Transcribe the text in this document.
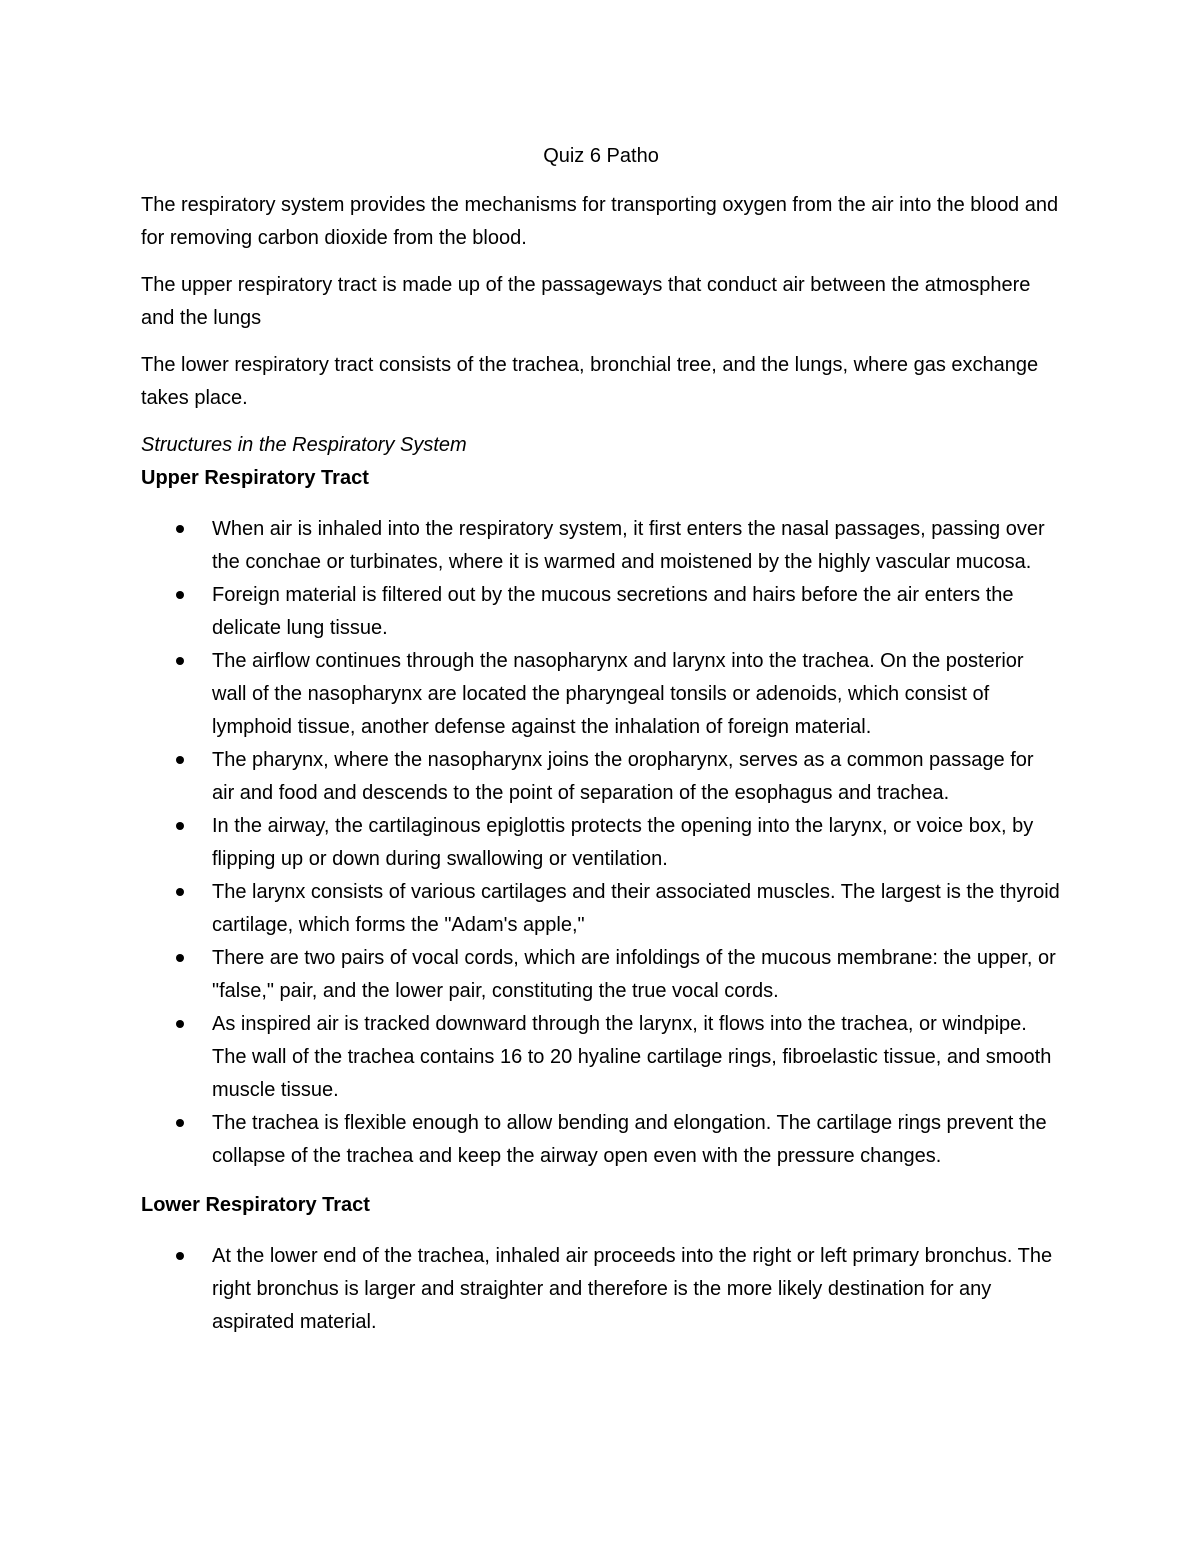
Quiz 6 Patho

The respiratory system provides the mechanisms for transporting oxygen from the air into the blood and for removing carbon dioxide from the blood.

The upper respiratory tract is made up of the passageways that conduct air between the atmosphere and the lungs

The lower respiratory tract consists of the trachea, bronchial tree, and the lungs, where gas exchange takes place.

Structures in the Respiratory System
Upper Respiratory Tract
When air is inhaled into the respiratory system, it first enters the nasal passages, passing over the conchae or turbinates, where it is warmed and moistened by the highly vascular mucosa.
Foreign material is filtered out by the mucous secretions and hairs before the air enters the delicate lung tissue.
The airflow continues through the nasopharynx and larynx into the trachea. On the posterior wall of the nasopharynx are located the pharyngeal tonsils or adenoids, which consist of lymphoid tissue, another defense against the inhalation of foreign material.
The pharynx, where the nasopharynx joins the oropharynx, serves as a common passage for air and food and descends to the point of separation of the esophagus and trachea.
In the airway, the cartilaginous epiglottis protects the opening into the larynx, or voice box, by flipping up or down during swallowing or ventilation.
The larynx consists of various cartilages and their associated muscles. The largest is the thyroid cartilage, which forms the "Adam's apple,"
There are two pairs of vocal cords, which are infoldings of the mucous membrane: the upper, or "false," pair, and the lower pair, constituting the true vocal cords.
As inspired air is tracked downward through the larynx, it flows into the trachea, or windpipe. The wall of the trachea contains 16 to 20 hyaline cartilage rings, fibroelastic tissue, and smooth muscle tissue.
The trachea is flexible enough to allow bending and elongation. The cartilage rings prevent the collapse of the trachea and keep the airway open even with the pressure changes.
Lower Respiratory Tract
At the lower end of the trachea, inhaled air proceeds into the right or left primary bronchus. The right bronchus is larger and straighter and therefore is the more likely destination for any aspirated material.
